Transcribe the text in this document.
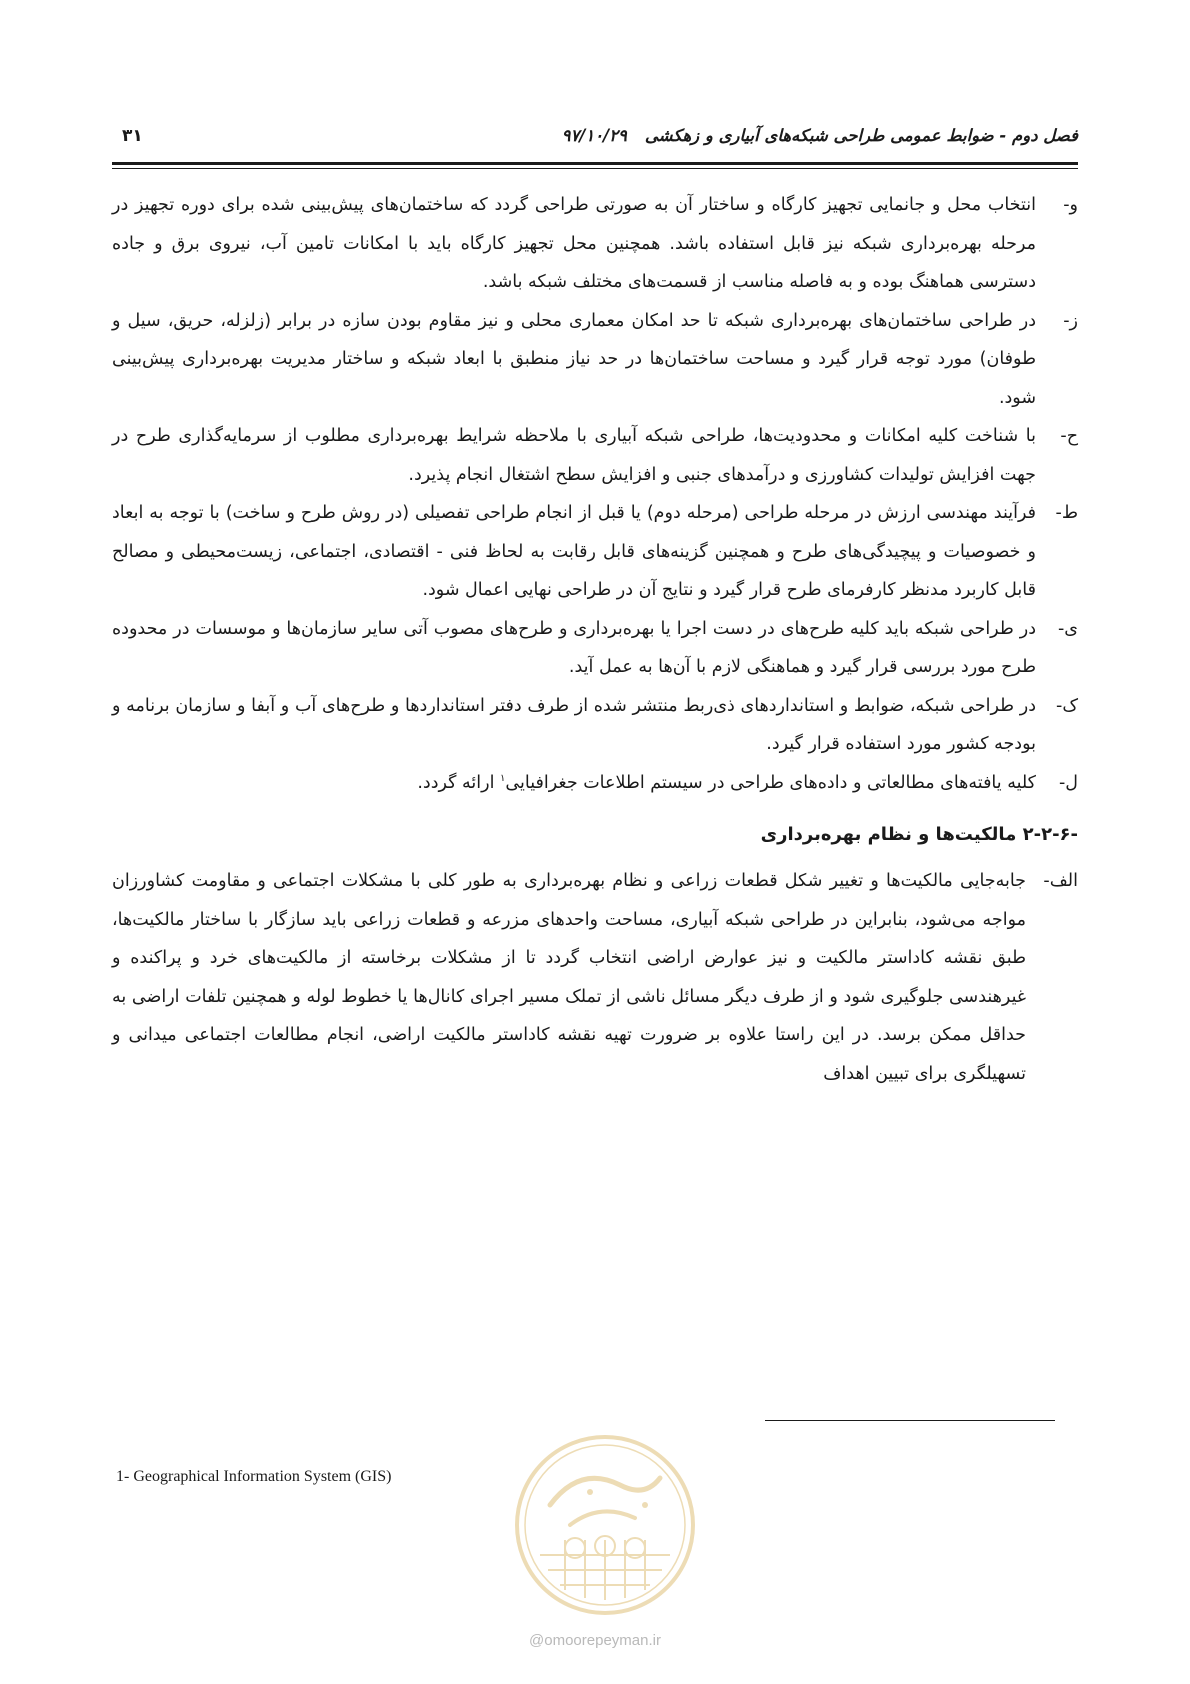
فصل دوم - ضوابط عمومی طراحی شبکه‌های آبیاری و زهکشی۹۷/۱۰/۲۹
۳۱

و-
انتخاب محل و جانمایی تجهیز کارگاه و ساختار آن به صورتی طراحی گردد که ساختمان‌های پیش‌بینی شده برای دوره تجهیز در مرحله بهره‌برداری شبکه نیز قابل استفاده باشد. همچنین محل تجهیز کارگاه باید با امکانات تامین آب، نیروی برق و جاده دسترسی هماهنگ بوده و به فاصله مناسب از قسمت‌های مختلف شبکه باشد.

ز-
در طراحی ساختمان‌های بهره‌برداری شبکه تا حد امکان معماری محلی و نیز مقاوم بودن سازه در برابر (زلزله، حریق، سیل و طوفان) مورد توجه قرار گیرد و مساحت ساختمان‌ها در حد نیاز منطبق با ابعاد شبکه و ساختار مدیریت بهره‌برداری پیش‌بینی شود.

ح-
با شناخت کلیه امکانات و محدودیت‌ها، طراحی شبکه آبیاری با ملاحظه شرایط بهره‌برداری مطلوب از سرمایه‌گذاری طرح در جهت افزایش تولیدات کشاورزی و درآمدهای جنبی و افزایش سطح اشتغال انجام پذیرد.

ط-
فرآیند مهندسی ارزش در مرحله طراحی (مرحله دوم) یا قبل از انجام طراحی تفصیلی (در روش طرح و ساخت) با توجه به ابعاد و خصوصیات و پیچیدگی‌های طرح و همچنین گزینه‌های قابل رقابت به لحاظ فنی - اقتصادی، اجتماعی، زیست‌محیطی و مصالح قابل کاربرد مدنظر کارفرمای طرح قرار گیرد و نتایج آن در طراحی نهایی اعمال شود.

ی-
در طراحی شبکه باید کلیه طرح‌های در دست اجرا یا بهره‌برداری و طرح‌های مصوب آتی سایر سازمان‌ها و موسسات در محدوده طرح مورد بررسی قرار گیرد و هماهنگی لازم با آن‌ها به عمل آید.

ک-
در طراحی شبکه، ضوابط و استانداردهای ذی‌ربط منتشر شده از طرف دفتر استانداردها و طرح‌های آب و آبفا و سازمان برنامه و بودجه کشور مورد استفاده قرار گیرد.

ل-
کلیه یافته‌های مطالعاتی و داده‌های طراحی در سیستم اطلاعات جغرافیایی$^۱$ ارائه گردد.

۲-۲-۶- مالکیت‌ها و نظام بهره‌برداری

الف-
جابه‌جایی مالکیت‌ها و تغییر شکل قطعات زراعی و نظام بهره‌برداری به طور کلی با مشکلات اجتماعی و مقاومت کشاورزان مواجه می‌شود، بنابراین در طراحی شبکه آبیاری، مساحت واحدهای مزرعه و قطعات زراعی باید سازگار با ساختار مالکیت‌ها، طبق نقشه کاداستر مالکیت و نیز عوارض اراضی انتخاب گردد تا از مشکلات برخاسته از مالکیت‌های خرد و پراکنده و غیرهندسی جلوگیری شود و از طرف دیگر مسائل ناشی از تملک مسیر اجرای کانال‌ها یا خطوط لوله و همچنین تلفات اراضی به حداقل ممکن برسد. در این راستا علاوه بر ضرورت تهیه نقشه کاداستر مالکیت اراضی، انجام مطالعات اجتماعی میدانی و تسهیلگری برای تبیین اهداف

1- Geographical Information System (GIS)
@omoorepeyman.ir
